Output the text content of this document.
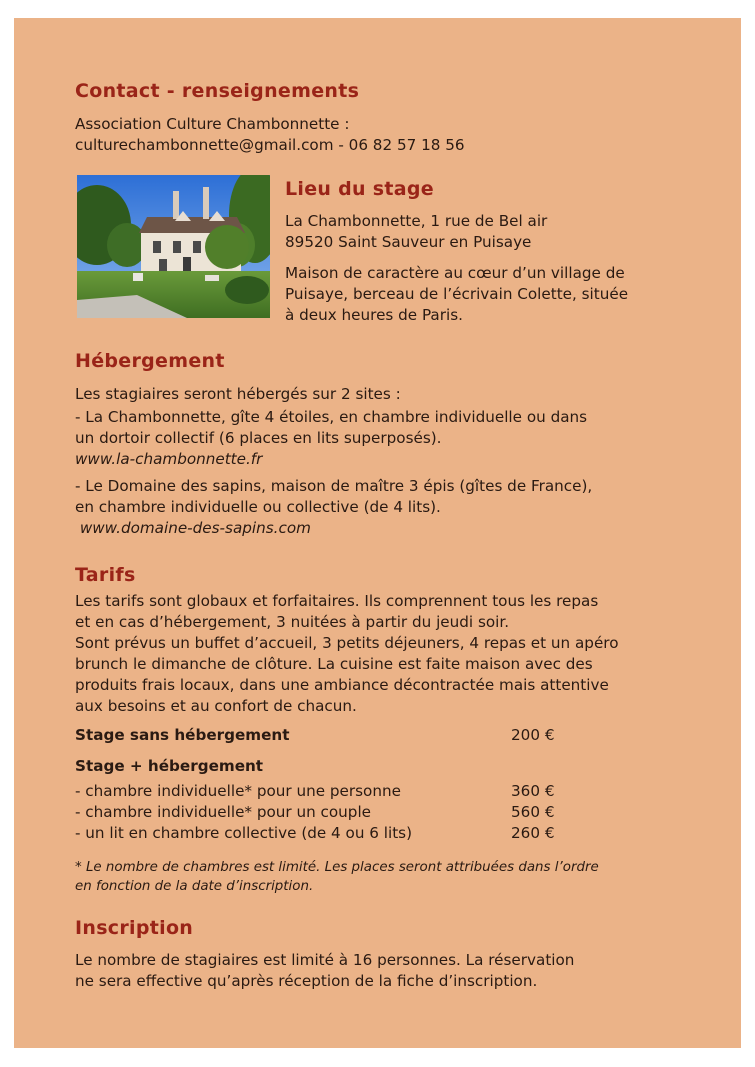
Contact - renseignements

Association Culture Chambonnette :

culturechambonnette@gmail.com - 06 82 57 18 56

Lieu du stage

La Chambonnette, 1 rue de Bel air

89520 Saint Sauveur en Puisaye

Maison de caractère au cœur d’un village de

Puisaye, berceau de l’écrivain Colette, située

à deux heures de Paris.

Hébergement

Les stagiaires seront hébergés sur 2 sites :

- La Chambonnette, gîte 4 étoiles, en chambre individuelle ou dans

un dortoir collectif (6 places en lits superposés).

www.la-chambonnette.fr

- Le Domaine des sapins, maison de maître 3 épis (gîtes de France),

en chambre individuelle ou collective (de 4 lits).

www.domaine-des-sapins.com

Tarifs

Les tarifs sont globaux et forfaitaires. Ils comprennent tous les repas

et en cas d’hébergement, 3 nuitées à partir du jeudi soir.

Sont prévus un buffet d’accueil, 3 petits déjeuners, 4 repas et un apéro

brunch le dimanche de clôture. La cuisine est faite maison avec des

produits frais locaux, dans une ambiance décontractée mais attentive

aux besoins et au confort de chacun.

Stage sans hébergement	200 €
Stage + hébergement
- chambre individuelle* pour une personne	360 €
- chambre individuelle* pour un couple	560 €
- un lit en chambre collective (de 4 ou 6 lits)	260 €

* Le nombre de chambres est limité. Les places seront attribuées dans l’ordre

en fonction de la date d’inscription.

Inscription

Le nombre de stagiaires est limité à 16 personnes. La réservation

ne sera effective qu’après réception de la fiche d’inscription.
